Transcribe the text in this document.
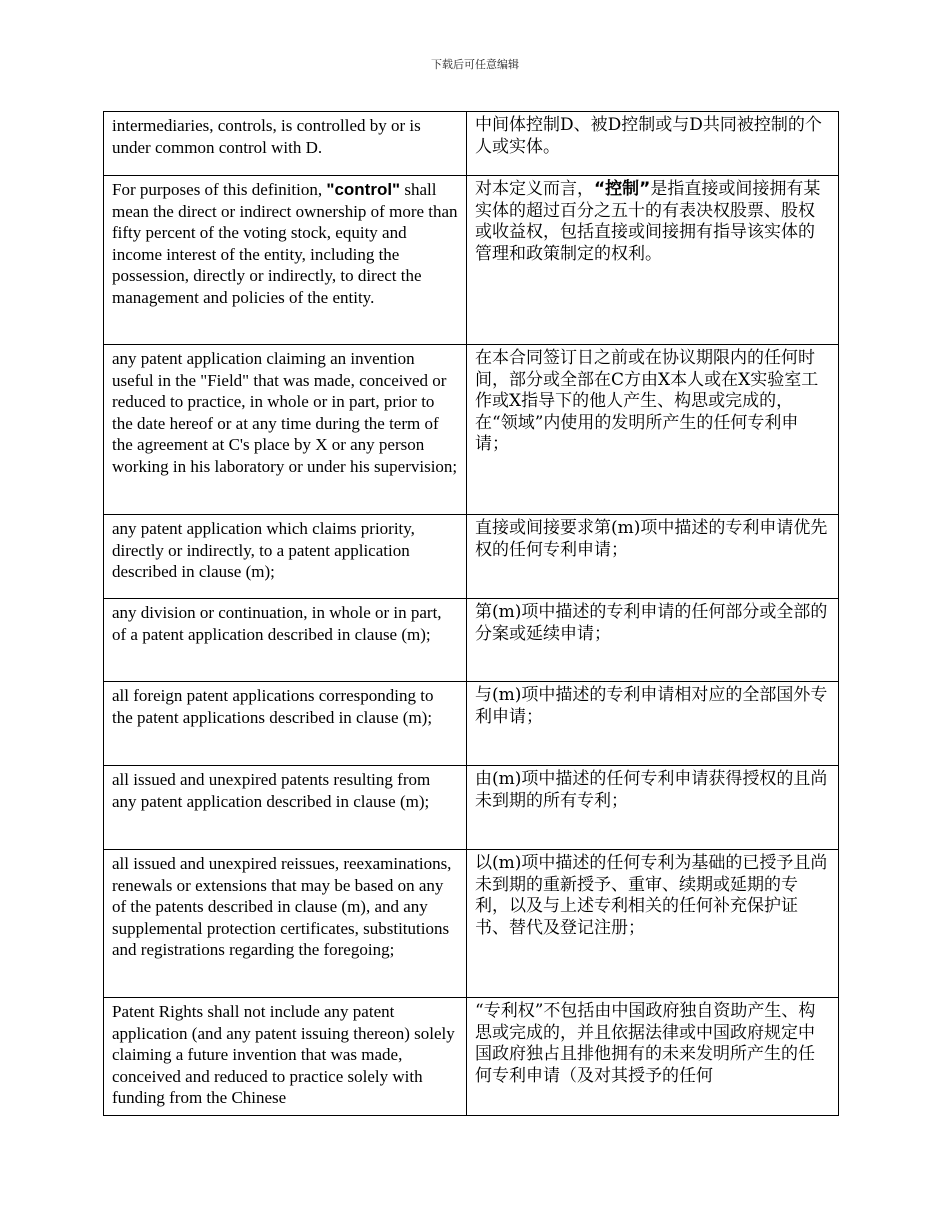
下载后可任意编辑
intermediaries, controls, is controlled by or is under common control with D.	中间体控制D、被D控制或与D共同被控制的个人或实体。
For purposes of this definition, "control" shall mean the direct or indirect ownership of more than fifty percent of the voting stock, equity and income interest of the entity, including the possession, directly or indirectly, to direct the management and policies of the entity.	对本定义而言，“控制”是指直接或间接拥有某实体的超过百分之五十的有表决权股票、股权或收益权，包括直接或间接拥有指导该实体的管理和政策制定的权利。
any patent application claiming an invention useful in the "Field" that was made, conceived or reduced to practice, in whole or in part, prior to the date hereof or at any time during the term of the agreement at C's place by X or any person working in his laboratory or under his supervision;	在本合同签订日之前或在协议期限内的任何时间，部分或全部在C方由X本人或在X实验室工作或X指导下的他人产生、构思或完成的，在“领域”内使用的发明所产生的任何专利申请；
any patent application which claims priority, directly or indirectly, to a patent application described in clause (m);	直接或间接要求第(m)项中描述的专利申请优先权的任何专利申请；
any division or continuation, in whole or in part, of a patent application described in clause (m);	第(m)项中描述的专利申请的任何部分或全部的分案或延续申请；
all foreign patent applications corresponding to the patent applications described in clause (m);	与(m)项中描述的专利申请相对应的全部国外专利申请；
all issued and unexpired patents resulting from any patent application described in clause (m);	由(m)项中描述的任何专利申请获得授权的且尚未到期的所有专利；
all issued and unexpired reissues, reexaminations, renewals or extensions that may be based on any of the patents described in clause (m), and any supplemental protection certificates, substitutions and registrations regarding the foregoing;	以(m)项中描述的任何专利为基础的已授予且尚未到期的重新授予、重审、续期或延期的专利，以及与上述专利相关的任何补充保护证书、替代及登记注册；
Patent Rights shall not include any patent application (and any patent issuing thereon) solely claiming a future invention that was made, conceived and reduced to practice solely with funding from the Chinese	“专利权”不包括由中国政府独自资助产生、构思或完成的，并且依据法律或中国政府规定中国政府独占且排他拥有的未来发明所产生的任何专利申请（及对其授予的任何
